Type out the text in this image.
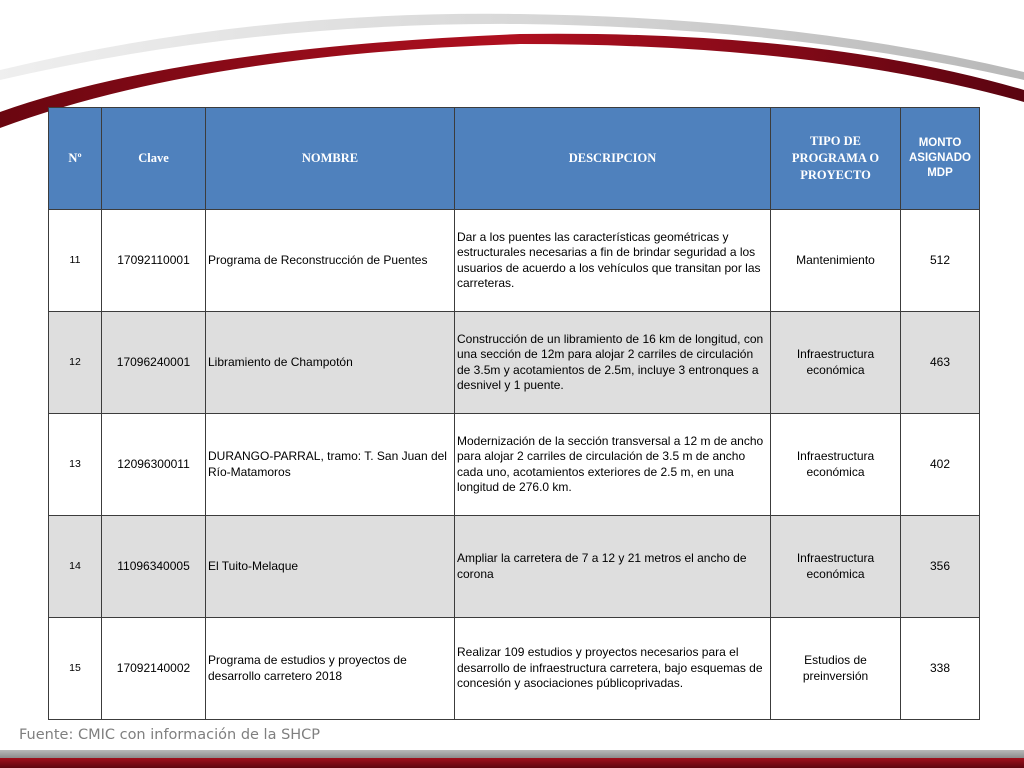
Nº	Clave	NOMBRE	DESCRIPCION	TIPO DE PROGRAMA O PROYECTO	MONTO ASIGNADO MDP
11	17092110001	Programa de Reconstrucción de Puentes	Dar a los puentes las características geométricas y estructurales necesarias a fin de brindar seguridad a los usuarios de acuerdo a los vehículos que transitan por las carreteras.	Mantenimiento	512
12	17096240001	Libramiento de Champotón	Construcción de un libramiento de 16 km de longitud, con una sección de 12m para alojar 2 carriles de circulación de 3.5m y acotamientos de 2.5m, incluye 3 entronques a desnivel y 1 puente.	Infraestructura económica	463
13	12096300011	DURANGO-PARRAL, tramo: T. San Juan del Río-Matamoros	Modernización de la sección transversal a 12 m de ancho para alojar 2 carriles de circulación de 3.5 m de ancho cada uno, acotamientos exteriores de 2.5 m, en una longitud de 276.0 km.	Infraestructura económica	402
14	11096340005	El Tuito-Melaque	Ampliar la carretera de 7 a 12 y 21 metros el ancho de corona	Infraestructura económica	356
15	17092140002	Programa de estudios y proyectos de desarrollo carretero 2018	Realizar 109 estudios y proyectos necesarios para el desarrollo de infraestructura carretera, bajo esquemas de concesión y asociaciones públicoprivadas.	Estudios de preinversión	338
Fuente: CMIC con información de la SHCP
